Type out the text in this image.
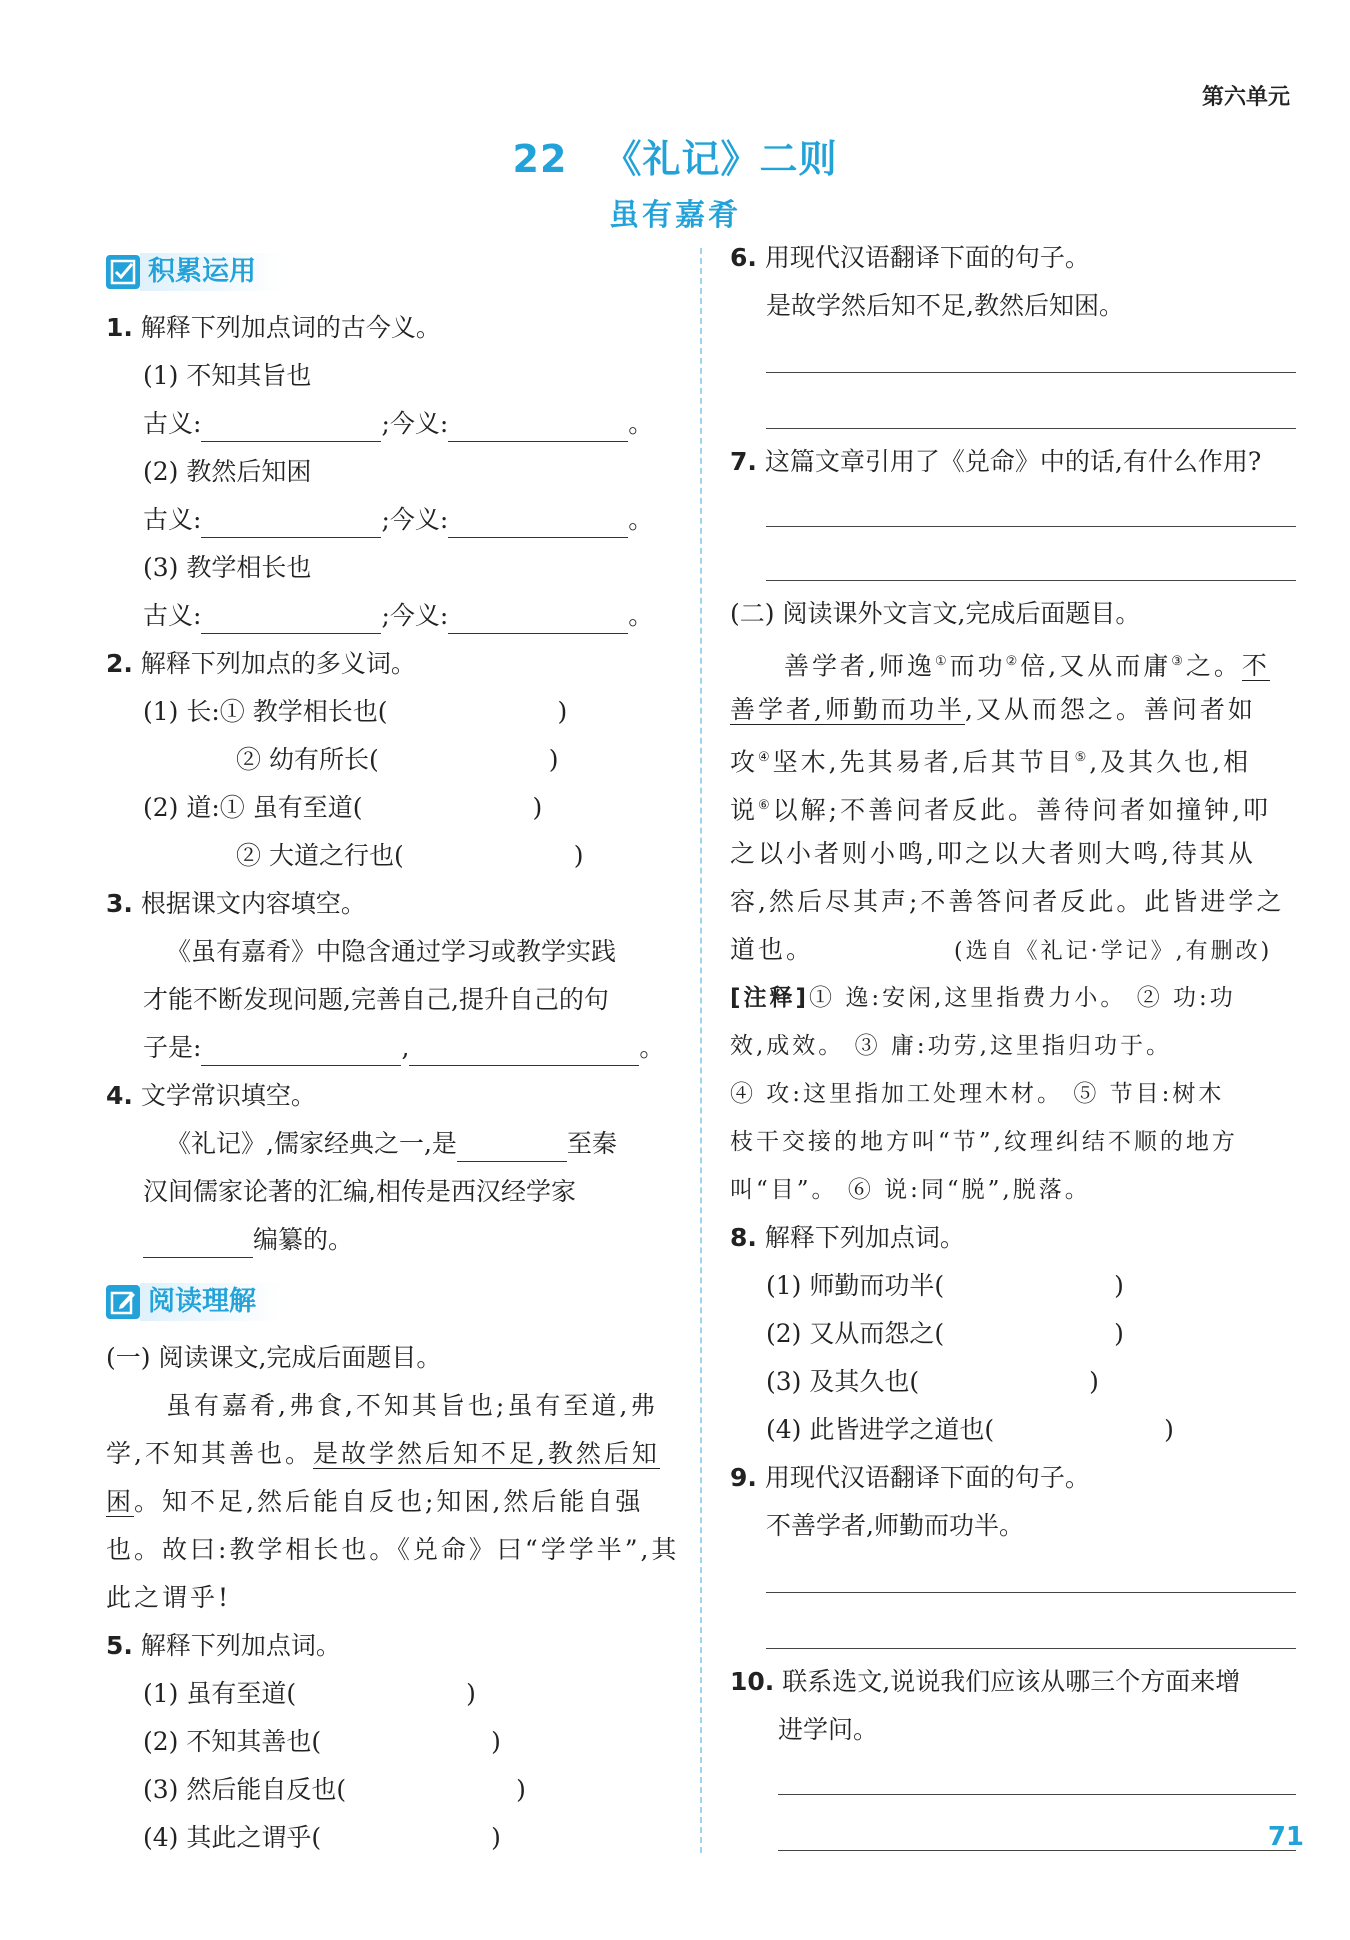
第六单元
22 《礼记》二则
虽有嘉肴
积累运用
1. 解释下列加点词的古今义。
(1) 不知其旨也
古义:	;今义:	。
(2) 教然后知困
古义:	;今义:	。
(3) 教学相长也
古义:	;今义:	。
2. 解释下列加点的多义词。
(1) 长:① 教学相长也(	)
② 幼有所长(	)
(2) 道:① 虽有至道(	)
② 大道之行也(	)
3. 根据课文内容填空。
《虽有嘉肴》中隐含通过学习或教学实践
才能不断发现问题,完善自己,提升自己的句
子是:	,	。
4. 文学常识填空。
《礼记》,儒家经典之一,是	至秦
汉间儒家论著的汇编,相传是西汉经学家
编纂的。
阅读理解
(一) 阅读课文,完成后面题目。
虽有嘉肴,弗食,不知其旨也;虽有至道,弗
学,不知其善也。是故学然后知不足,教然后知
困。知不足,然后能自反也;知困,然后能自强
也。故曰:教学相长也。《兑命》曰“学学半”,其
此之谓乎!
5. 解释下列加点词。
(1) 虽有至道(	)
(2) 不知其善也(	)
(3) 然后能自反也(	)
(4) 其此之谓乎(	)
6. 用现代汉语翻译下面的句子。
是故学然后知不足,教然后知困。
7. 这篇文章引用了《兑命》中的话,有什么作用?
(二) 阅读课外文言文,完成后面题目。
善学者,师逸①而功②倍,又从而庸③之。不
善学者,师勤而功半,又从而怨之。善问者如
攻④坚木,先其易者,后其节目⑤,及其久也,相
说⑥以解;不善问者反此。善待问者如撞钟,叩
之以小者则小鸣,叩之以大者则大鸣,待其从
容,然后尽其声;不善答问者反此。此皆进学之
道也。	(选自《礼记·学记》,有删改)
[注释]① 逸:安闲,这里指费力小。 ② 功:功
效,成效。 ③ 庸:功劳,这里指归功于。
④ 攻:这里指加工处理木材。 ⑤ 节目:树木
枝干交接的地方叫“节”,纹理纠结不顺的地方
叫“目”。 ⑥ 说:同“脱”,脱落。
8. 解释下列加点词。
(1) 师勤而功半(	)
(2) 又从而怨之(	)
(3) 及其久也(	)
(4) 此皆进学之道也(	)
9. 用现代汉语翻译下面的句子。
不善学者,师勤而功半。
10. 联系选文,说说我们应该从哪三个方面来增
进学问。
71
